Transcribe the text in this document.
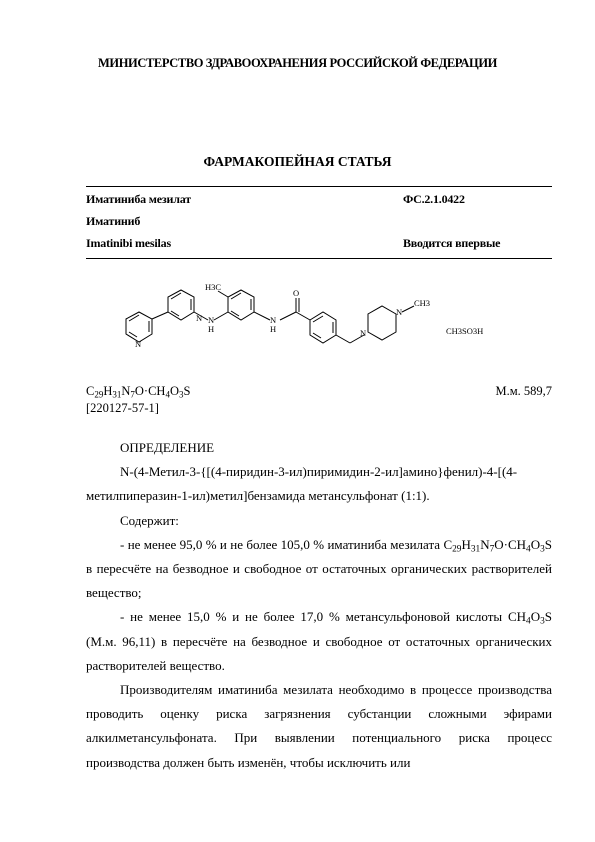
МИНИСТЕРСТВО ЗДРАВООХРАНЕНИЯ РОССИЙСКОЙ ФЕДЕРАЦИИ
ФАРМАКОПЕЙНАЯ СТАТЬЯ
Иматиниба мезилат	ФС.2.1.0422
Иматиниб
Imatinibi mesilas	Вводится впервые
N
N N
H
H3C
N
H
O
N
N
CH3
CH3SO3H
$C_{29}H_{31}N_7O\cdot CH_4O_3S$	М.м. 589,7
[220127-57-1]

ОПРЕДЕЛЕНИЕ

N-(4-Метил-3-{[(4-пиридин-3-ил)пиримидин-2-ил]амино}фенил)-4-[(4-метилпиперазин-1-ил)метил]бензамида метансульфонат (1:1).

Содержит:

- не менее 95,0 % и не более 105,0 % иматиниба мезилата $C_{29}H_{31}N_7O\cdot CH_4O_3S$ в пересчёте на безводное и свободное от остаточных органических растворителей вещество;

- не менее 15,0 % и не более 17,0 % метансульфоновой кислоты $CH_4O_3S$ (М.м. 96,11) в пересчёте на безводное и свободное от остаточных органических растворителей вещество.

Производителям иматиниба мезилата необходимо в процессе производства проводить оценку риска загрязнения субстанции сложными эфирами алкилметансульфоната. При выявлении потенциального риска процесс производства должен быть изменён, чтобы исключить или
